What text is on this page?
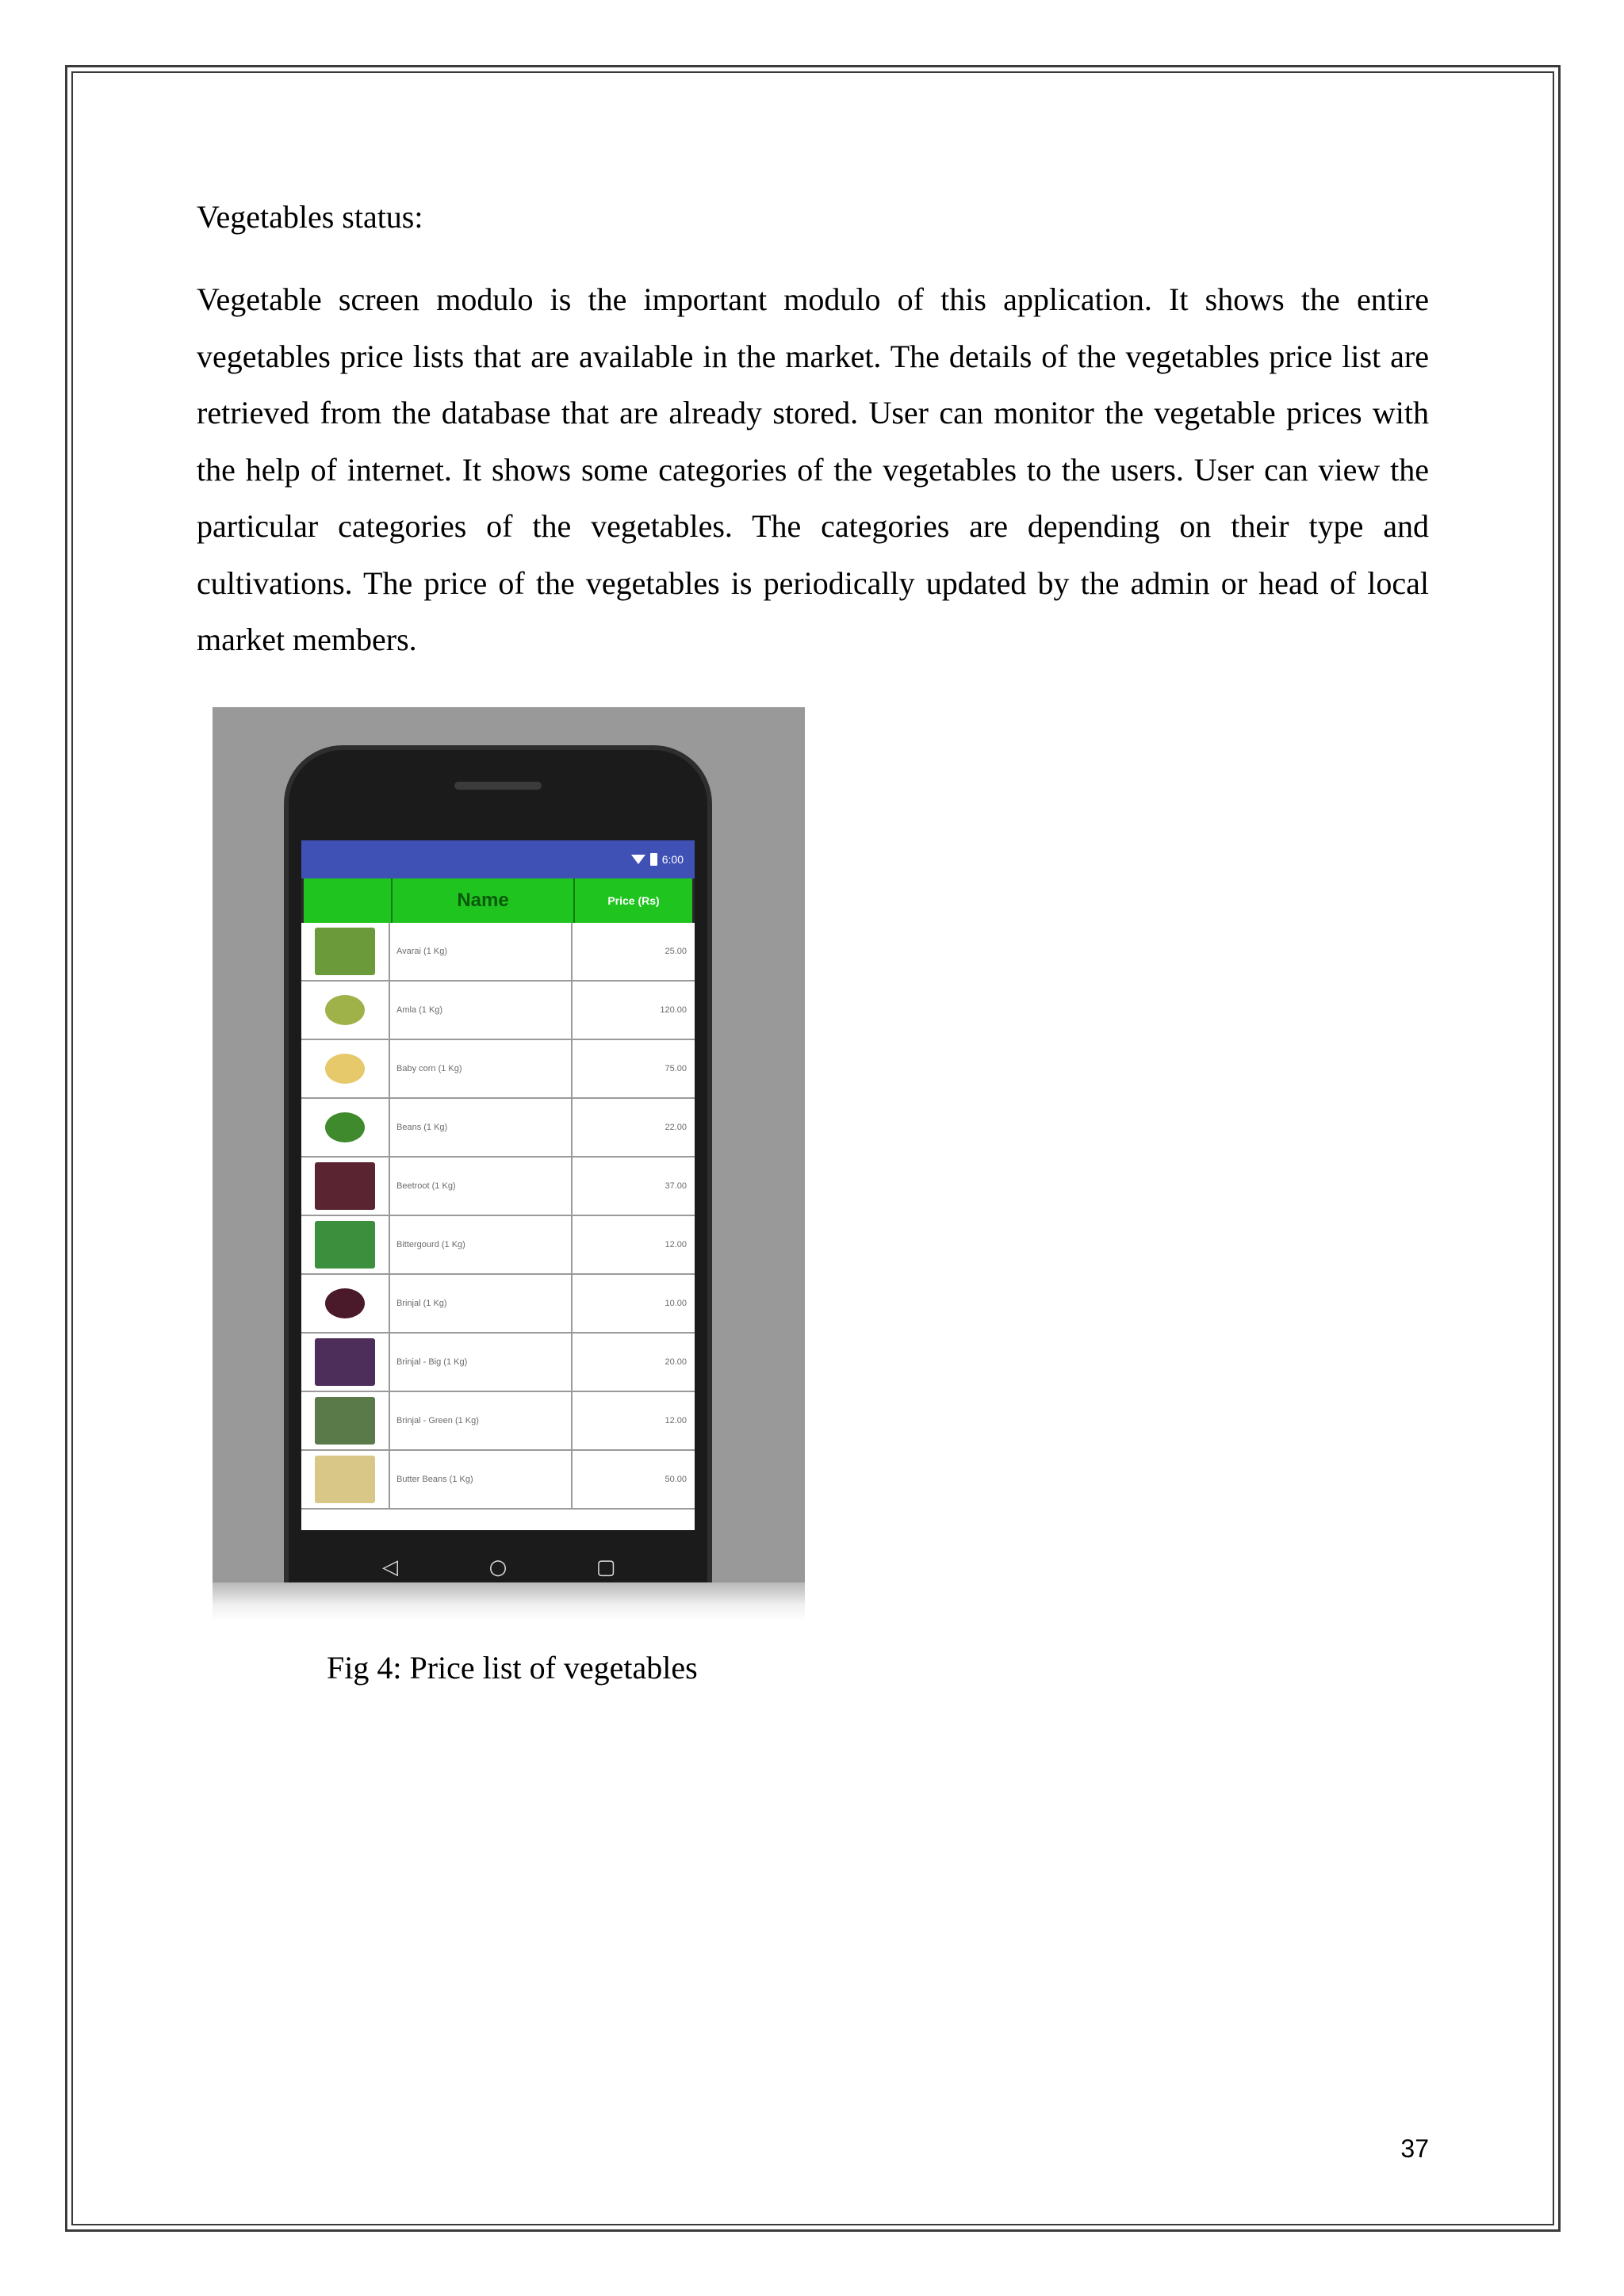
Vegetables status:

Vegetable screen modulo is the important modulo of this application. It shows the entire vegetables price lists that are available in the market. The details of the vegetables price list are retrieved from the database that are already stored. User can monitor the vegetable prices with the help of internet. It shows some categories of the vegetables to the users. User can view the particular categories of the vegetables. The categories are depending on their type and cultivations. The price of the vegetables is periodically updated by the admin or head of local market members.

6:00
Name	Price (Rs)
Avarai (1 Kg)	25.00
Amla (1 Kg)	120.00
Baby corn (1 Kg)	75.00
Beans (1 Kg)	22.00
Beetroot (1 Kg)	37.00
Bittergourd (1 Kg)	12.00
Brinjal (1 Kg)	10.00
Brinjal - Big (1 Kg)	20.00
Brinjal - Green (1 Kg)	12.00
Butter Beans (1 Kg)	50.00
◁	○	▢
Fig 4: Price list of vegetables
37
